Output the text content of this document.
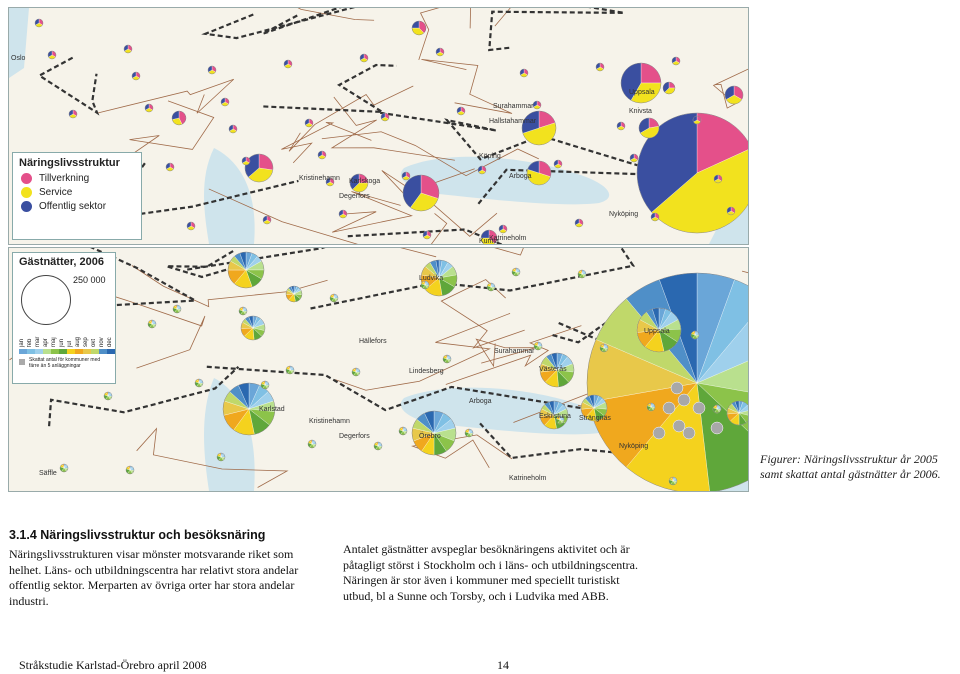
Oslo
Kristinehamn
Degerfors
Karlskoga
Surahammar
Hallstahammar
Köping
Arboga
Kumla
Uppsala
Knivsta
Nyköping
Katrineholm
Näringslivsstruktur
Tillverkning
Service
Offentlig sektor
Ludvika
Uppsala
Karlstad
Örebro
Västerås
Eskilstuna Strängnäs
Hällefors
Lindesberg
Surahammar
Kristinehamn
Degerfors
Säffle
Arboga
Katrineholm
Nyköping
Gästnätter, 2006
250 000
jan feb mar apr maj jun jul aug sep okt nov dec
Skattat antal för kommuner med färre än 5 anläggningar
Figurer: Näringslivsstruktur år 2005 samt skattat antal gästnätter år 2006.
3.1.4 Näringslivsstruktur och besöksnäring
Näringslivsstrukturen visar mönster motsvarande riket som helhet. Läns- och utbildningscentra har relativt stora andelar offentlig sektor. Merparten av övriga orter har stora andelar industri.
Antalet gästnätter avspeglar besöknäringens aktivitet och är påtagligt störst i Stockholm och i läns- och utbildningscentra. Näringen är stor även i kommuner med speciellt turistiskt utbud, bl a Sunne och Torsby, och i Ludvika med ABB.
Stråkstudie Karlstad-Örebro april 2008	14
